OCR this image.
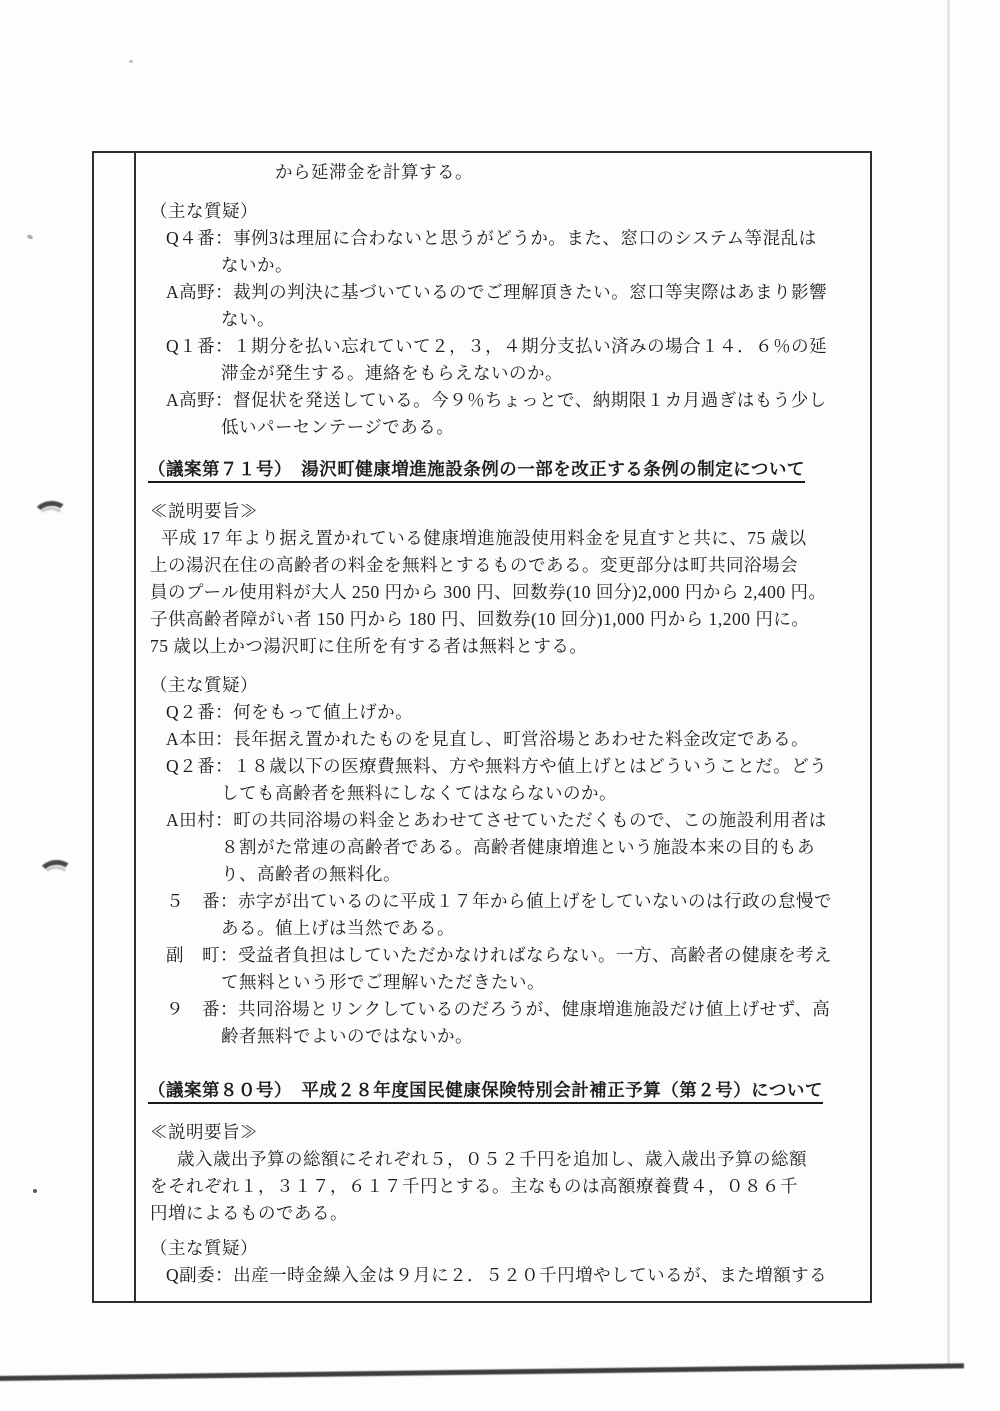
から延滞金を計算する。
（主な質疑）
Q４番：事例3は理屈に合わないと思うがどうか。また、窓口のシステム等混乱は
ないか。
A高野：裁判の判決に基づいているのでご理解頂きたい。窓口等実際はあまり影響
ない。
Q１番：１期分を払い忘れていて２，３，４期分支払い済みの場合１４．６％の延
滞金が発生する。連絡をもらえないのか。
A高野：督促状を発送している。今９％ちょっとで、納期限１カ月過ぎはもう少し
低いパーセンテージである。
（議案第７１号）　湯沢町健康増進施設条例の一部を改正する条例の制定について
≪説明要旨≫
平成 17 年より据え置かれている健康増進施設使用料金を見直すと共に、75 歳以
上の湯沢在住の高齢者の料金を無料とするものである。変更部分は町共同浴場会
員のプール使用料が大人 250 円から 300 円、回数券(10 回分)2,000 円から 2,400 円。
子供高齢者障がい者 150 円から 180 円、回数券(10 回分)1,000 円から 1,200 円に。
75 歳以上かつ湯沢町に住所を有する者は無料とする。
（主な質疑）
Q２番：何をもって値上げか。
A本田：長年据え置かれたものを見直し、町営浴場とあわせた料金改定である。
Q２番：１８歳以下の医療費無料、方や無料方や値上げとはどういうことだ。どう
しても高齢者を無料にしなくてはならないのか。
A田村：町の共同浴場の料金とあわせてさせていただくもので、この施設利用者は
８割がた常連の高齢者である。高齢者健康増進という施設本来の目的もあ
り、高齢者の無料化。
５　番：赤字が出ているのに平成１７年から値上げをしていないのは行政の怠慢で
ある。値上げは当然である。
副　町：受益者負担はしていただかなければならない。一方、高齢者の健康を考え
て無料という形でご理解いただきたい。
９　番：共同浴場とリンクしているのだろうが、健康増進施設だけ値上げせず、高
齢者無料でよいのではないか。
（議案第８０号）　平成２８年度国民健康保険特別会計補正予算（第２号）について
≪説明要旨≫
歳入歳出予算の総額にそれぞれ５，０５２千円を追加し、歳入歳出予算の総額
をそれぞれ１，３１７，６１７千円とする。主なものは高額療養費４，０８６千
円増によるものである。
（主な質疑）
Q副委：出産一時金繰入金は９月に２．５２０千円増やしているが、また増額する
